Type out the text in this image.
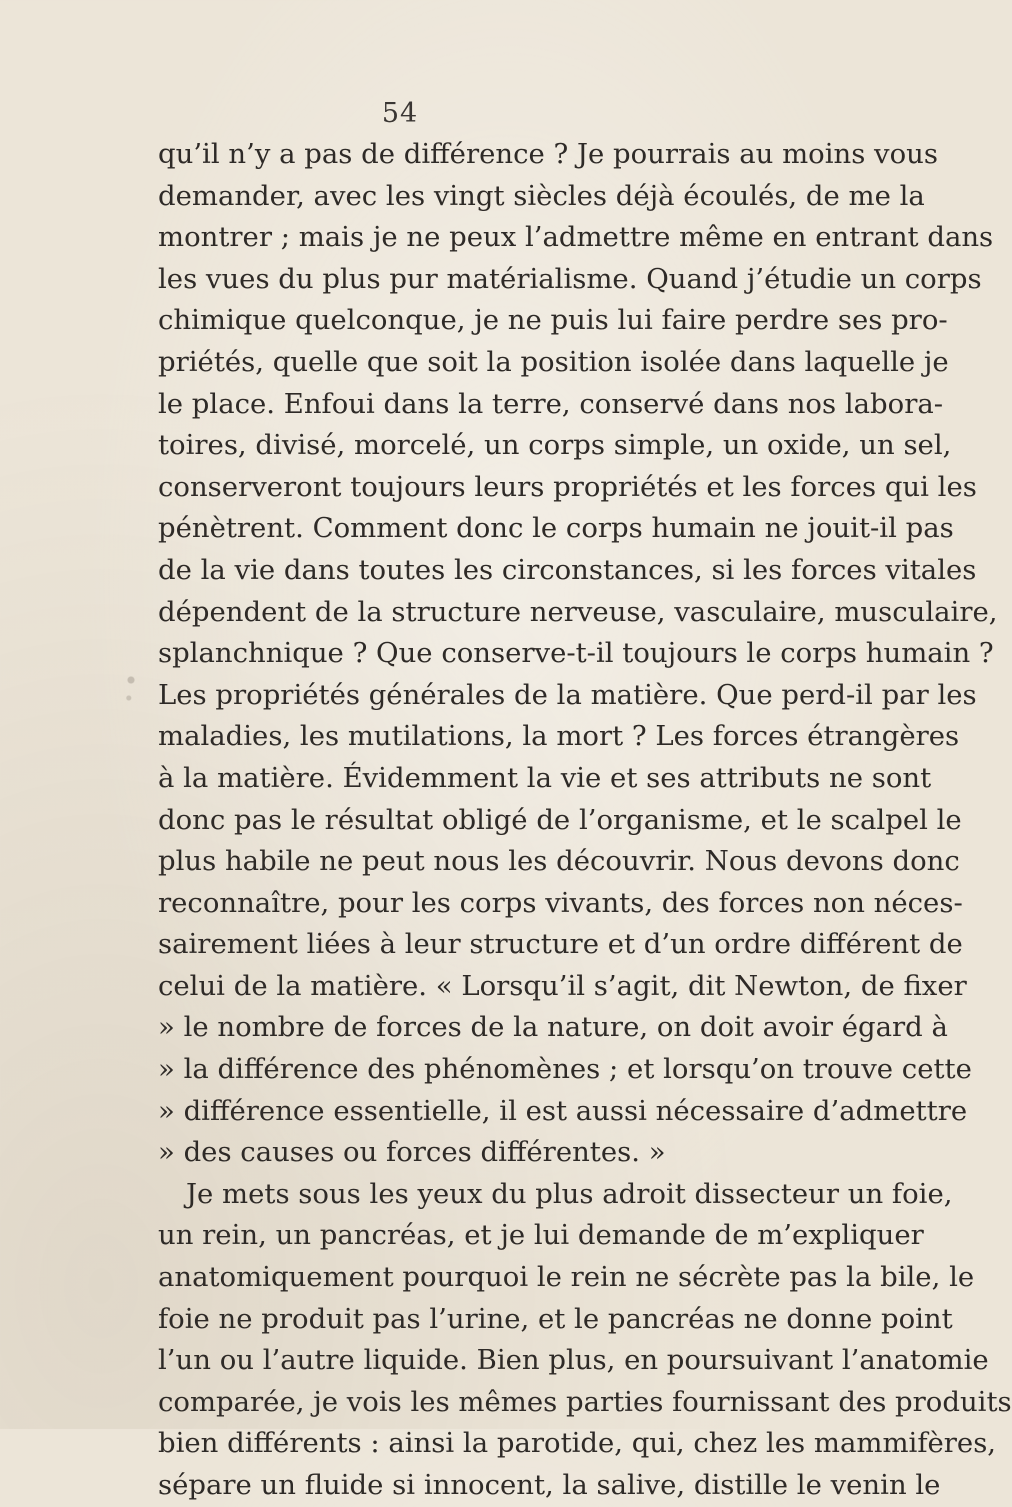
54
qu’il n’y a pas de différence ? Je pourrais au moins vous
demander, avec les vingt siècles déjà écoulés, de me la
montrer ; mais je ne peux l’admettre même en entrant dans
les vues du plus pur matérialisme. Quand j’étudie un corps
chimique quelconque, je ne puis lui faire perdre ses pro-
priétés, quelle que soit la position isolée dans laquelle je
le place. Enfoui dans la terre, conservé dans nos labora-
toires, divisé, morcelé, un corps simple, un oxide, un sel,
conserveront toujours leurs propriétés et les forces qui les
pénètrent. Comment donc le corps humain ne jouit-il pas
de la vie dans toutes les circonstances, si les forces vitales
dépendent de la structure nerveuse, vasculaire, musculaire,
splanchnique ? Que conserve-t-il toujours le corps humain ?
Les propriétés générales de la matière. Que perd-il par les
maladies, les mutilations, la mort ? Les forces étrangères
à la matière. Évidemment la vie et ses attributs ne sont
donc pas le résultat obligé de l’organisme, et le scalpel le
plus habile ne peut nous les découvrir. Nous devons donc
reconnaître, pour les corps vivants, des forces non néces-
sairement liées à leur structure et d’un ordre différent de
celui de la matière. « Lorsqu’il s’agit, dit Newton, de fixer
» le nombre de forces de la nature, on doit avoir égard à
» la différence des phénomènes ; et lorsqu’on trouve cette
» différence essentielle, il est aussi nécessaire d’admettre
» des causes ou forces différentes. »
Je mets sous les yeux du plus adroit dissecteur un foie,
un rein, un pancréas, et je lui demande de m’expliquer
anatomiquement pourquoi le rein ne sécrète pas la bile, le
foie ne produit pas l’urine, et le pancréas ne donne point
l’un ou l’autre liquide. Bien plus, en poursuivant l’anatomie
comparée, je vois les mêmes parties fournissant des produits
bien différents : ainsi la parotide, qui, chez les mammifères,
sépare un fluide si innocent, la salive, distille le venin le
